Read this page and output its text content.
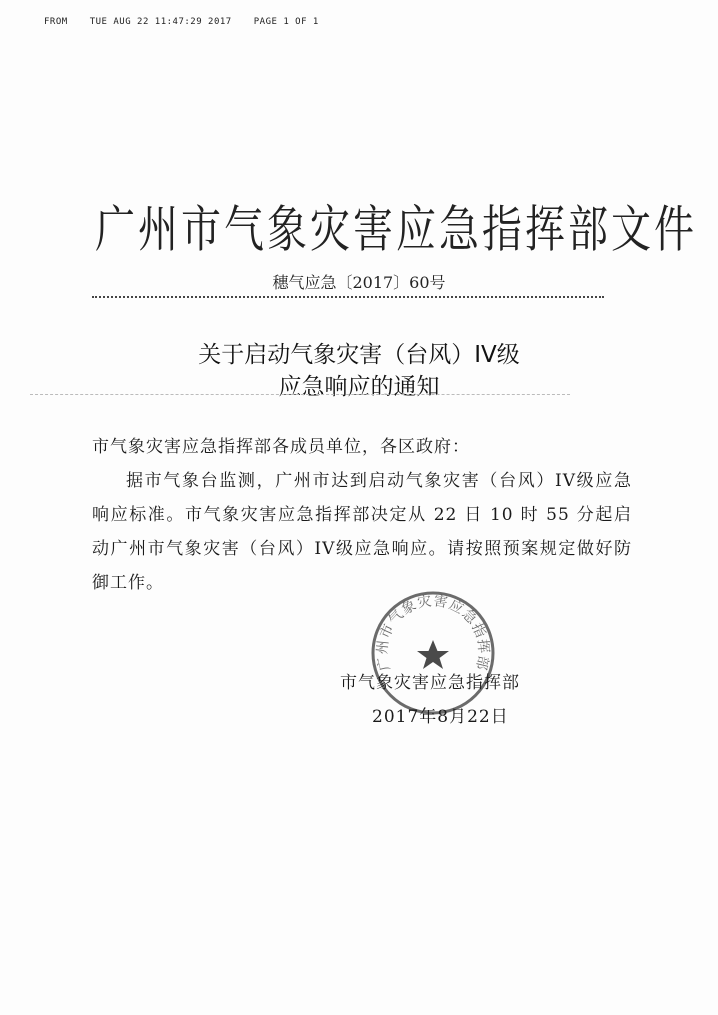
FROM TUE AUG 22 11:47:29 2017 PAGE 1 OF 1
广州市气象灾害应急指挥部文件
穗气应急〔2017〕60号
关于启动气象灾害（台风）IV级
应急响应的通知

市气象灾害应急指挥部各成员单位，各区政府：

据市气象台监测，广州市达到启动气象灾害（台风）IV级应急响应标准。市气象灾害应急指挥部决定从 22 日 10 时 55 分起启动广州市气象灾害（台风）IV级应急响应。请按照预案规定做好防御工作。

广州市气象灾害应急指挥部
市气象灾害应急指挥部
2017年8月22日
